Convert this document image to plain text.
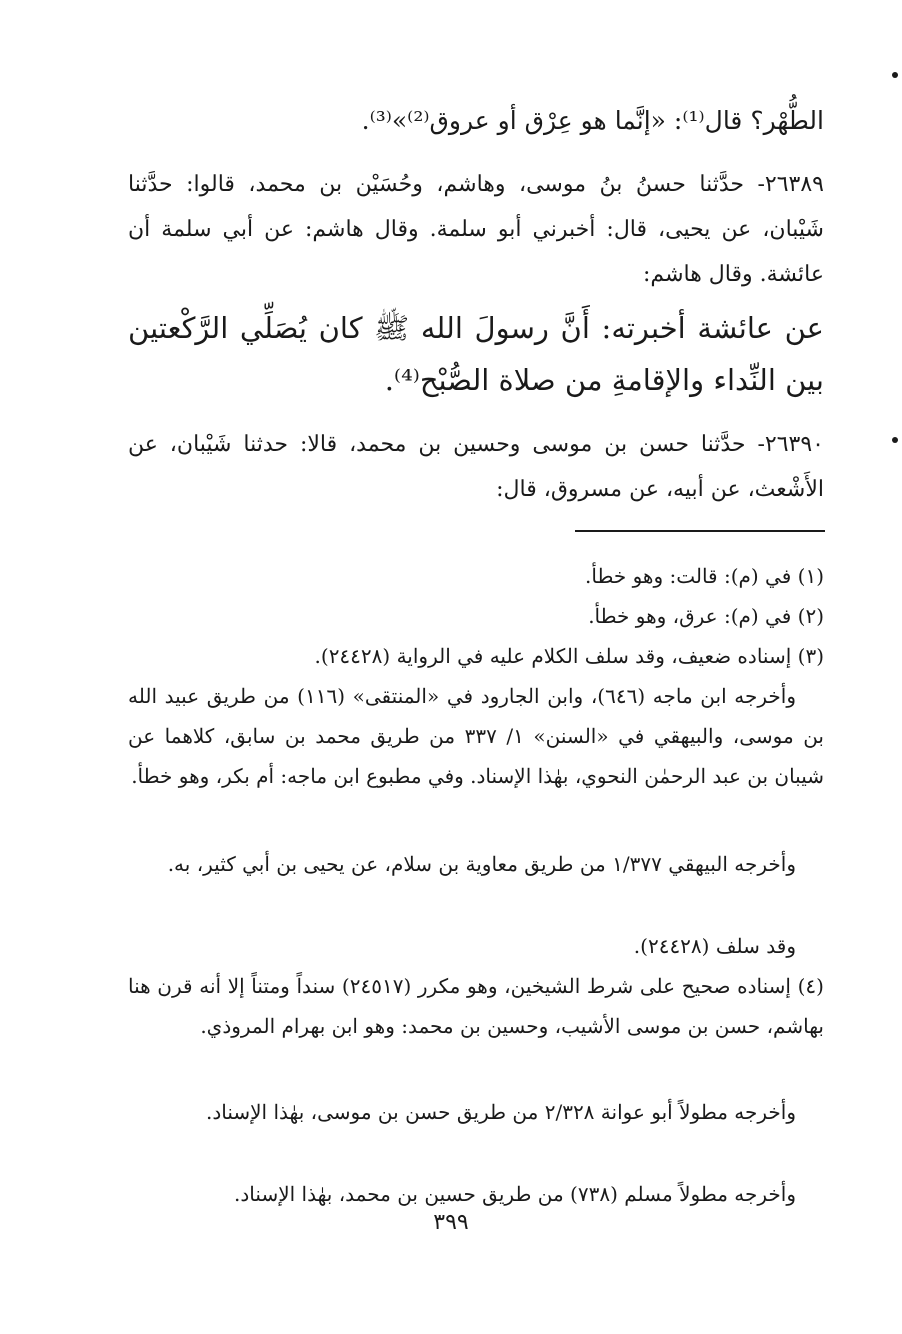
الطُّهْر؟ قال⁽¹⁾: «إنَّما هو عِرْق أو عروق⁽²⁾»⁽³⁾.
٢٦٣٨٩- حدَّثنا حسنُ بنُ موسى، وهاشم، وحُسَيْن بن محمد، قالوا: حدَّثنا شَيْبان، عن يحيى، قال: أخبرني أبو سلمة. وقال هاشم: عن أبي سلمة أن عائشة. وقال هاشم:
عن عائشة أخبرته: أَنَّ رسولَ الله ﷺ كان يُصَلِّي الرَّكْعتين بين النِّداء والإقامةِ من صلاة الصُّبْح⁽⁴⁾.
٢٦٣٩٠- حدَّثنا حسن بن موسى وحسين بن محمد، قالا: حدثنا شَيْبان، عن الأَشْعث، عن أبيه، عن مسروق، قال:
(١) في (م): قالت: وهو خطأ.
(٢) في (م): عرق، وهو خطأ.
(٣) إسناده ضعيف، وقد سلف الكلام عليه في الرواية (٢٤٤٢٨).
وأخرجه ابن ماجه (٦٤٦)، وابن الجارود في «المنتقى» (١١٦) من طريق عبيد الله بن موسى، والبيهقي في «السنن» ١/ ٣٣٧ من طريق محمد بن سابق، كلاهما عن شيبان بن عبد الرحمٰن النحوي، بهٰذا الإسناد. وفي مطبوع ابن ماجه: أم بكر، وهو خطأ.
وأخرجه البيهقي ١/٣٧٧ من طريق معاوية بن سلام، عن يحيى بن أبي كثير، به.
وقد سلف (٢٤٤٢٨).
(٤) إسناده صحيح على شرط الشيخين، وهو مكرر (٢٤٥١٧) سنداً ومتناً إلا أنه قرن هنا بهاشم، حسن بن موسى الأشيب، وحسين بن محمد: وهو ابن بهرام المروذي.
وأخرجه مطولاً أبو عوانة ٢/٣٢٨ من طريق حسن بن موسى، بهٰذا الإسناد.
وأخرجه مطولاً مسلم (٧٣٨) من طريق حسين بن محمد، بهٰذا الإسناد.
٣٩٩
